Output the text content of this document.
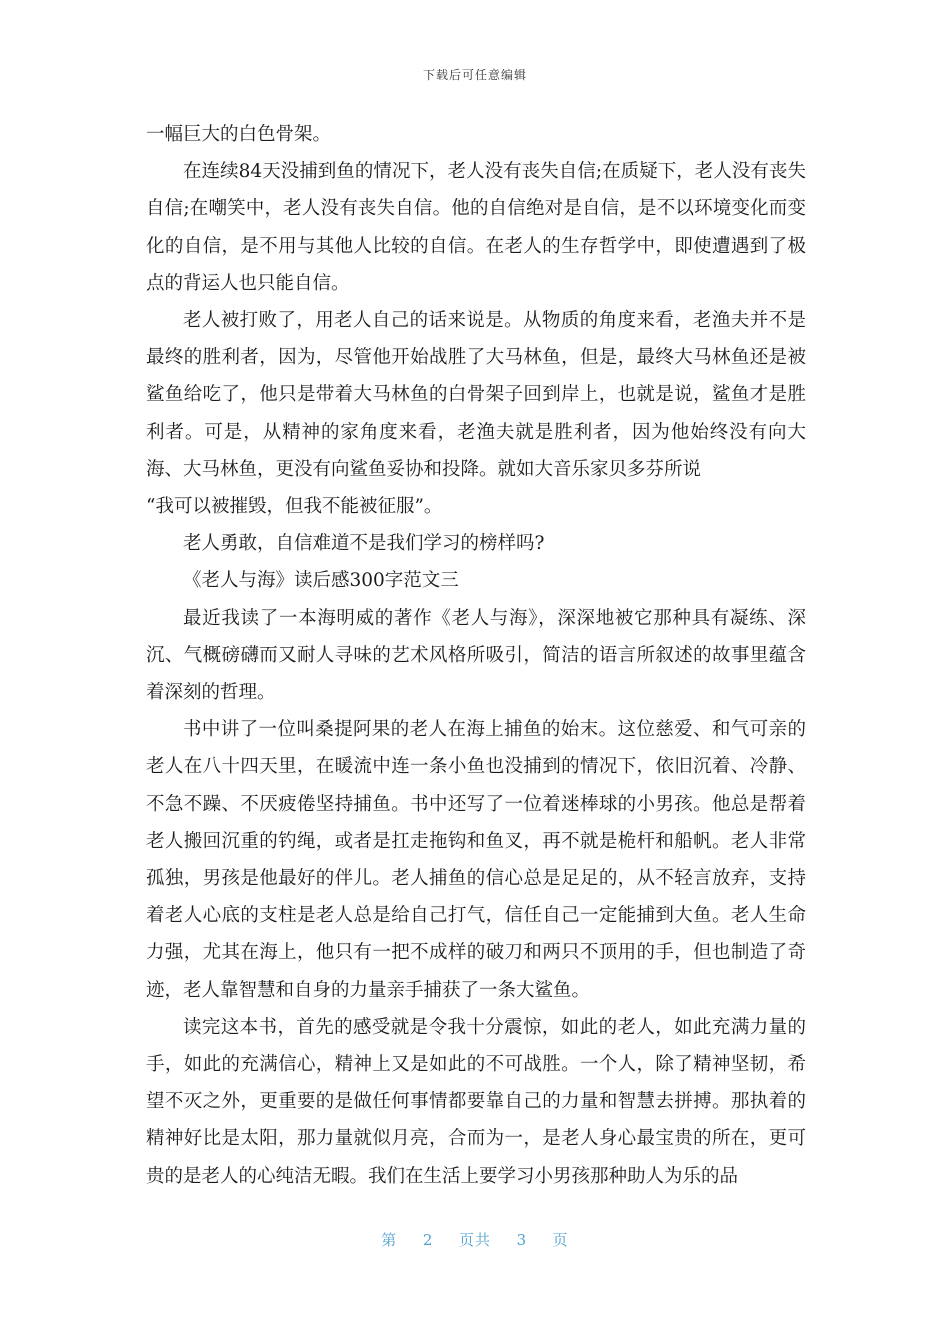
下载后可任意编辑

一幅巨大的白色骨架。

在连续84天没捕到鱼的情况下，老人没有丧失自信;在质疑下，老人没有丧失自信;在嘲笑中，老人没有丧失自信。他的自信绝对是自信，是不以环境变化而变化的自信，是不用与其他人比较的自信。在老人的生存哲学中，即使遭遇到了极点的背运人也只能自信。

老人被打败了，用老人自己的话来说是。从物质的角度来看，老渔夫并不是最终的胜利者，因为，尽管他开始战胜了大马林鱼，但是，最终大马林鱼还是被鲨鱼给吃了，他只是带着大马林鱼的白骨架子回到岸上，也就是说，鲨鱼才是胜利者。可是，从精神的家角度来看，老渔夫就是胜利者，因为他始终没有向大海、大马林鱼，更没有向鲨鱼妥协和投降。就如大音乐家贝多芬所说

“我可以被摧毁，但我不能被征服”。

老人勇敢，自信难道不是我们学习的榜样吗?

《老人与海》读后感300字范文三

最近我读了一本海明威的著作《老人与海》，深深地被它那种具有凝练、深沉、气概磅礴而又耐人寻味的艺术风格所吸引，简洁的语言所叙述的故事里蕴含着深刻的哲理。

书中讲了一位叫桑提阿果的老人在海上捕鱼的始末。这位慈爱、和气可亲的老人在八十四天里，在暖流中连一条小鱼也没捕到的情况下，依旧沉着、冷静、不急不躁、不厌疲倦坚持捕鱼。书中还写了一位着迷棒球的小男孩。他总是帮着老人搬回沉重的钓绳，或者是扛走拖钩和鱼叉，再不就是桅杆和船帆。老人非常孤独，男孩是他最好的伴儿。老人捕鱼的信心总是足足的，从不轻言放弃，支持着老人心底的支柱是老人总是给自己打气，信任自己一定能捕到大鱼。老人生命力强，尤其在海上，他只有一把不成样的破刀和两只不顶用的手，但也制造了奇迹，老人靠智慧和自身的力量亲手捕获了一条大鲨鱼。

读完这本书，首先的感受就是令我十分震惊，如此的老人，如此充满力量的手，如此的充满信心，精神上又是如此的不可战胜。一个人，除了精神坚韧，希望不灭之外，更重要的是做任何事情都要靠自己的力量和智慧去拼搏。那执着的精神好比是太阳，那力量就似月亮，合而为一，是老人身心最宝贵的所在，更可贵的是老人的心纯洁无暇。我们在生活上要学习小男孩那种助人为乐的品

第 2 页共 3 页
